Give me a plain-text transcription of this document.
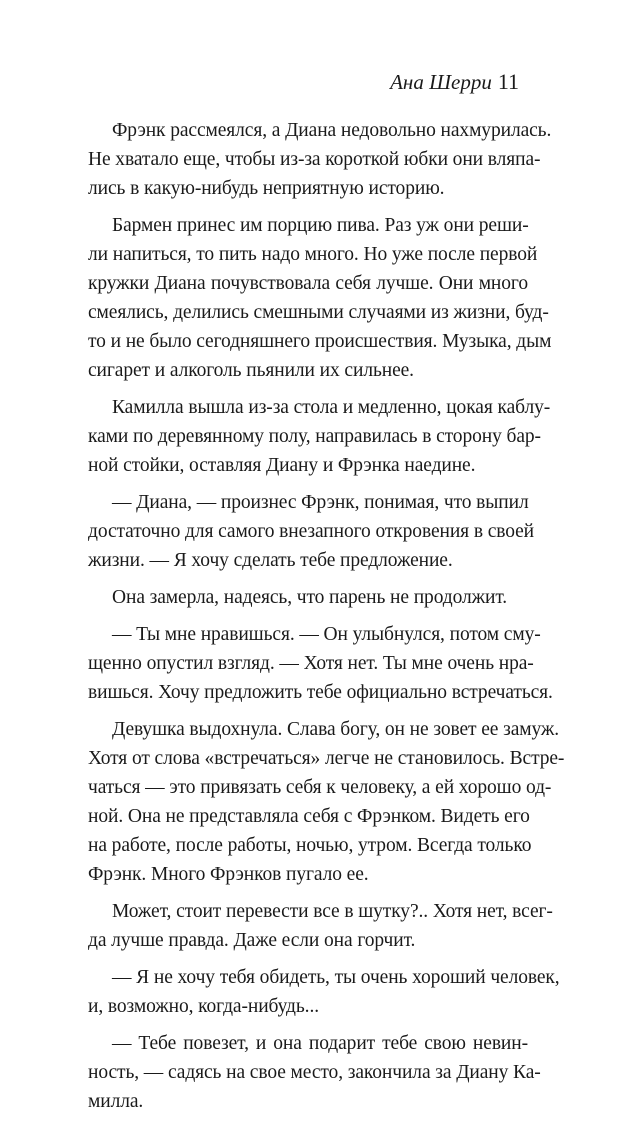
Ана Шерри 11
Фрэнк рассмеялся, а Диана недовольно нахмурилась.
Не хватало еще, чтобы из-за короткой юбки они вляпа-
лись в какую-нибудь неприятную историю.
Бармен принес им порцию пива. Раз уж они реши-
ли напиться, то пить надо много. Но уже после первой
кружки Диана почувствовала себя лучше. Они много
смеялись, делились смешными случаями из жизни, буд-
то и не было сегодняшнего происшествия. Музыка, дым
сигарет и алкоголь пьянили их сильнее.
Камилла вышла из-за стола и медленно, цокая каблу-
ками по деревянному полу, направилась в сторону бар-
ной стойки, оставляя Диану и Фрэнка наедине.
— Диана, — произнес Фрэнк, понимая, что выпил
достаточно для самого внезапного откровения в своей
жизни. — Я хочу сделать тебе предложение.
Она замерла, надеясь, что парень не продолжит.
— Ты мне нравишься. — Он улыбнулся, потом сму-
щенно опустил взгляд. — Хотя нет. Ты мне очень нра-
вишься. Хочу предложить тебе официально встречаться.
Девушка выдохнула. Слава богу, он не зовет ее замуж.
Хотя от слова «встречаться» легче не становилось. Встре-
чаться — это привязать себя к человеку, а ей хорошо од-
ной. Она не представляла себя с Фрэнком. Видеть его
на работе, после работы, ночью, утром. Всегда только
Фрэнк. Много Фрэнков пугало ее.
Может, стоит перевести все в шутку?.. Хотя нет, всег-
да лучше правда. Даже если она горчит.
— Я не хочу тебя обидеть, ты очень хороший человек,
и, возможно, когда-нибудь...
— Тебе повезет, и она подарит тебе свою невин-
ность, — садясь на свое место, закончила за Диану Ка-
милла.
